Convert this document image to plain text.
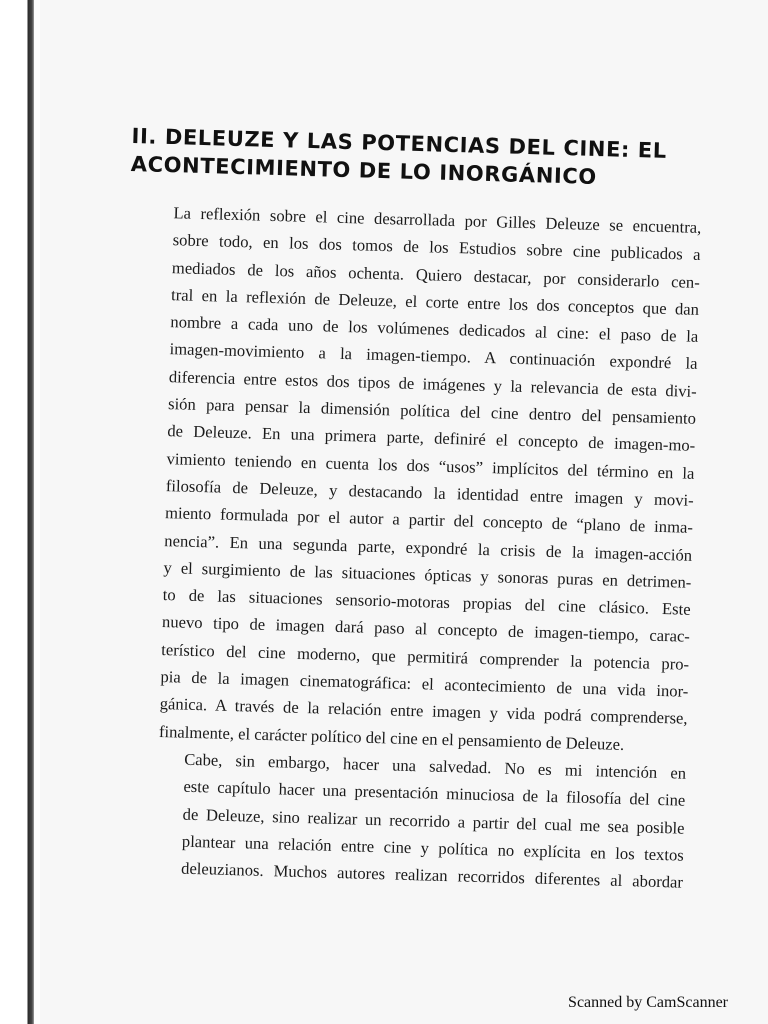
II. DELEUZE Y LAS POTENCIAS DEL CINE: EL
ACONTECIMIENTO DE LO INORGÁNICO

La reflexión sobre el cine desarrollada por Gilles Deleuze se encuentra,
sobre todo, en los dos tomos de los Estudios sobre cine publicados a
mediados de los años ochenta. Quiero destacar, por considerarlo cen-
tral en la reflexión de Deleuze, el corte entre los dos conceptos que dan
nombre a cada uno de los volúmenes dedicados al cine: el paso de la
imagen-movimiento a la imagen-tiempo. A continuación expondré la
diferencia entre estos dos tipos de imágenes y la relevancia de esta divi-
sión para pensar la dimensión política del cine dentro del pensamiento
de Deleuze. En una primera parte, definiré el concepto de imagen-mo-
vimiento teniendo en cuenta los dos “usos” implícitos del término en la
filosofía de Deleuze, y destacando la identidad entre imagen y movi-
miento formulada por el autor a partir del concepto de “plano de inma-
nencia”. En una segunda parte, expondré la crisis de la imagen-acción
y el surgimiento de las situaciones ópticas y sonoras puras en detrimen-
to de las situaciones sensorio-motoras propias del cine clásico. Este
nuevo tipo de imagen dará paso al concepto de imagen-tiempo, carac-
terístico del cine moderno, que permitirá comprender la potencia pro-
pia de la imagen cinematográfica: el acontecimiento de una vida inor-
gánica. A través de la relación entre imagen y vida podrá comprenderse,
finalmente, el carácter político del cine en el pensamiento de Deleuze.

Cabe, sin embargo, hacer una salvedad. No es mi intención en
este capítulo hacer una presentación minuciosa de la filosofía del cine
de Deleuze, sino realizar un recorrido a partir del cual me sea posible
plantear una relación entre cine y política no explícita en los textos
deleuzianos. Muchos autores realizan recorridos diferentes al abordar

Scanned by CamScanner
